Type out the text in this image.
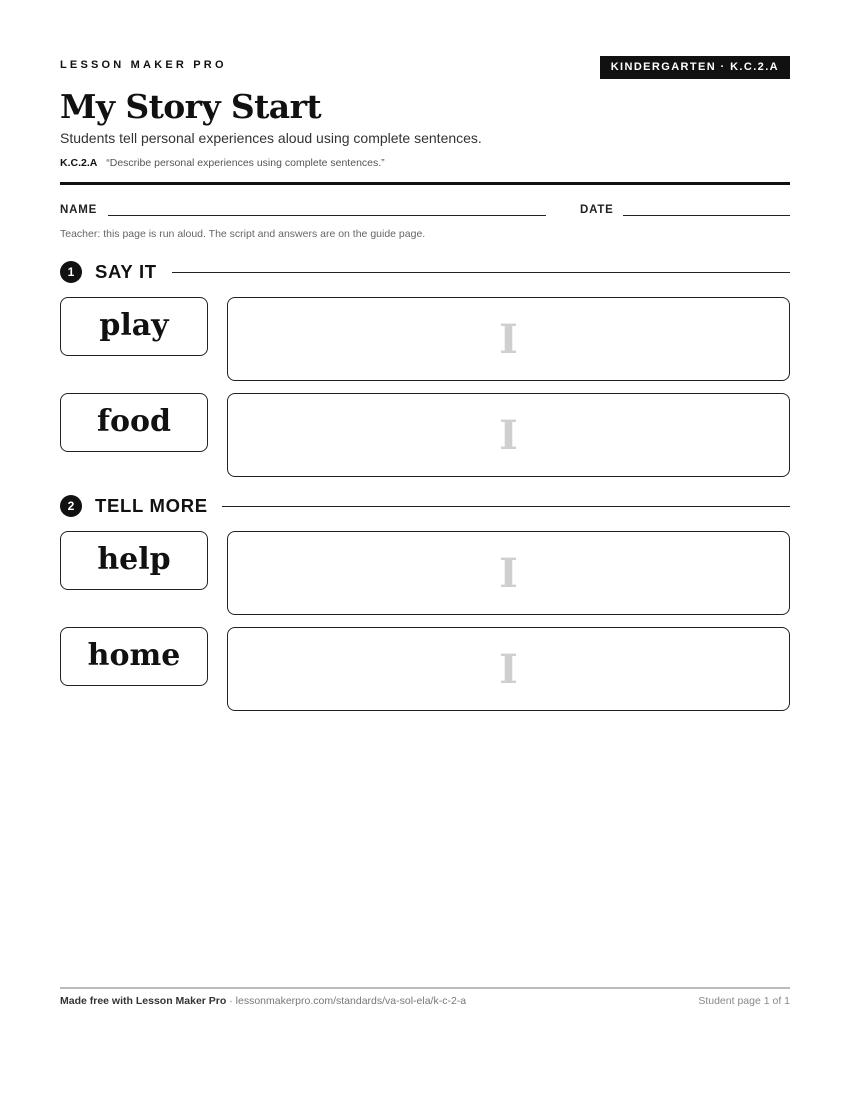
LESSON MAKER PRO	KINDERGARTEN · K.C.2.A
My Story Start
Students tell personal experiences aloud using complete sentences.
K.C.2.A “Describe personal experiences using complete sentences.”
NAME	DATE
Teacher: this page is run aloud. The script and answers are on the guide page.
1	SAY IT
play	I
food	I
2	TELL MORE
help	I
home	I
Made free with Lesson Maker Pro · lessonmakerpro.com/standards/va-sol-ela/k-c-2-a	Student page 1 of 1
